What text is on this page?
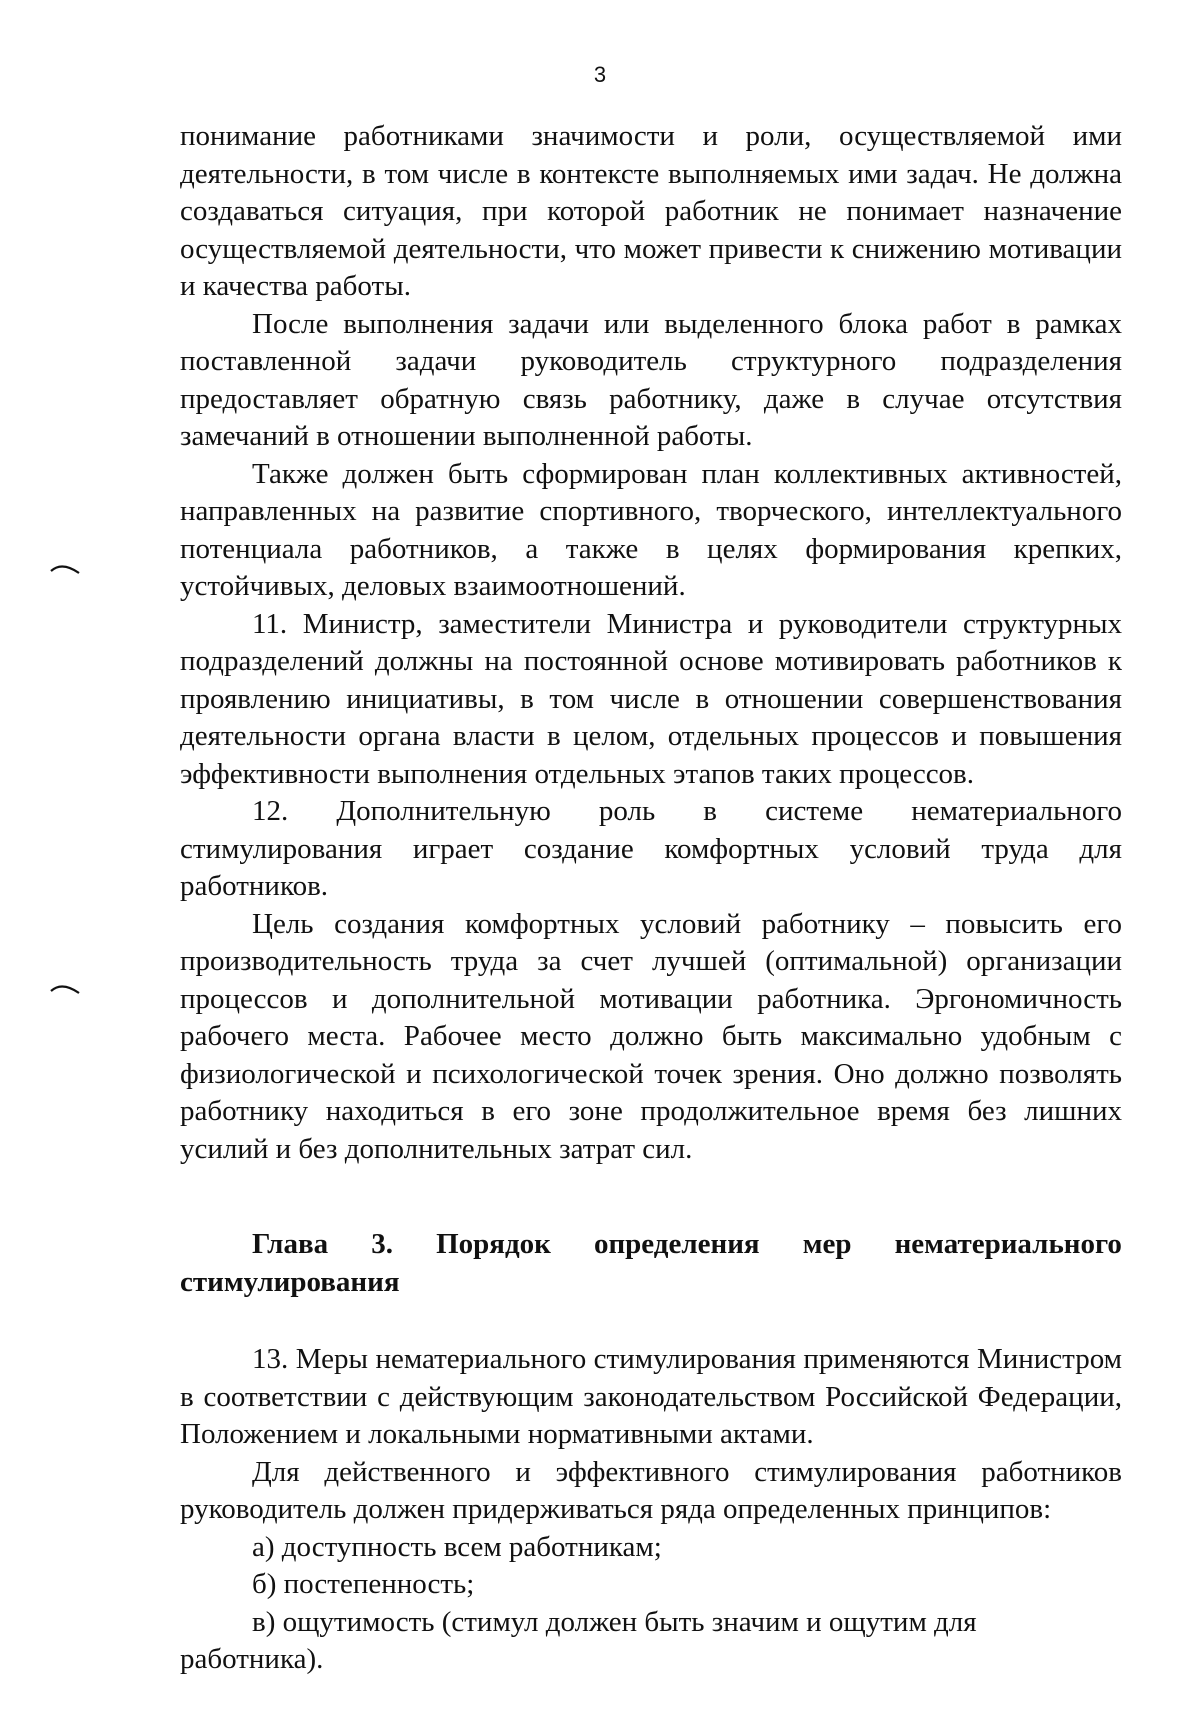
3

понимание работниками значимости и роли, осуществляемой ими деятельности, в том числе в контексте выполняемых ими задач. Не должна создаваться ситуация, при которой работник не понимает назначение осуществляемой деятельности, что может привести к снижению мотивации и качества работы.

После выполнения задачи или выделенного блока работ в рамках поставленной задачи руководитель структурного подразделения предоставляет обратную связь работнику, даже в случае отсутствия замечаний в отношении выполненной работы.

Также должен быть сформирован план коллективных активностей, направленных на развитие спортивного, творческого, интеллектуального потенциала работников, а также в целях формирования крепких, устойчивых, деловых взаимоотношений.

11. Министр, заместители Министра и руководители структурных подразделений должны на постоянной основе мотивировать работников к проявлению инициативы, в том числе в отношении совершенствования деятельности органа власти в целом, отдельных процессов и повышения эффективности выполнения отдельных этапов таких процессов.

12. Дополнительную роль в системе нематериального стимулирования играет создание комфортных условий труда для работников.

Цель создания комфортных условий работнику – повысить его производительность труда за счет лучшей (оптимальной) организации процессов и дополнительной мотивации работника. Эргономичность рабочего места. Рабочее место должно быть максимально удобным с физиологической и психологической точек зрения. Оно должно позволять работнику находиться в его зоне продолжительное время без лишних усилий и без дополнительных затрат сил.

Глава 3. Порядок определения мер нематериального
стимулирования

13. Меры нематериального стимулирования применяются Министром в соответствии с действующим законодательством Российской Федерации, Положением и локальными нормативными актами.

Для действенного и эффективного стимулирования работников руководитель должен придерживаться ряда определенных принципов:

а) доступность всем работникам;

б) постепенность;

в) ощутимость (стимул должен быть значим и ощутим для работника).
